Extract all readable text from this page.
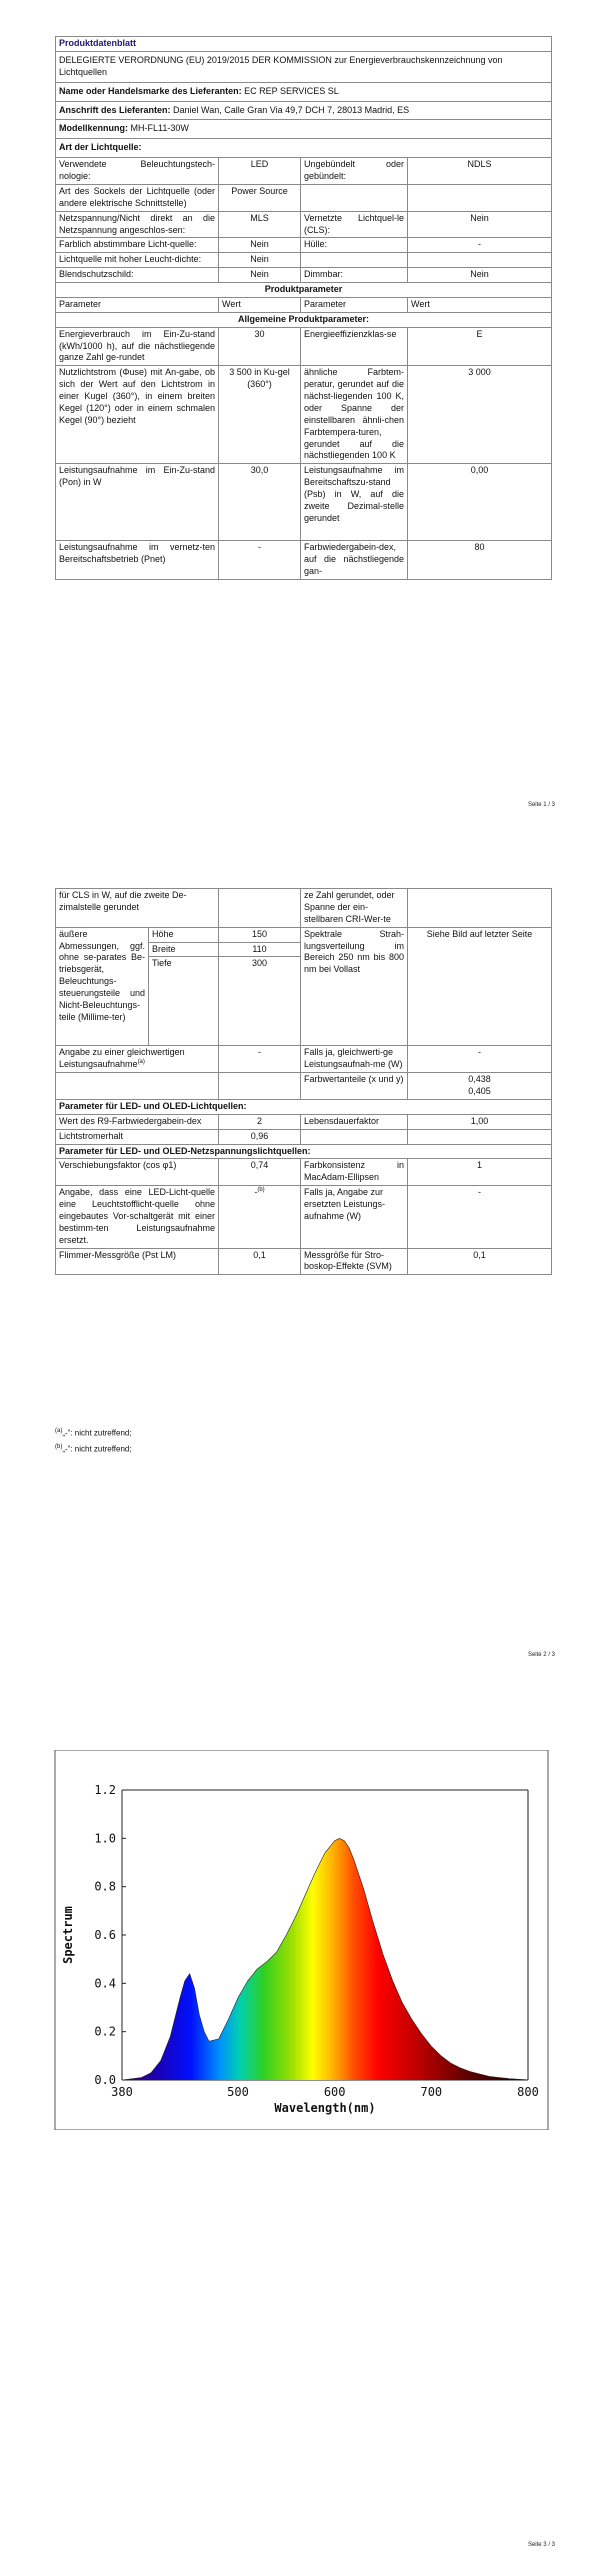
Produktdatenblatt			
DELEGIERTE VERORDNUNG (EU) 2019/2015 DER KOMMISSION zur Energieverbrauchskennzeichnung von Lichtquellen			
Name oder Handelsmarke des Lieferanten: EC REP SERVICES SL			
Anschrift des Lieferanten: Daniel Wan, Calle Gran Via 49,7 DCH 7, 28013 Madrid, ES			
Modellkennung: MH-FL11-30W			
Art der Lichtquelle:			
Verwendete Beleuchtungstech-nologie:	LED	Ungebündelt oder gebündelt:	NDLS
Art des Sockels der Lichtquelle (oder andere elektrische Schnittstelle)	Power Source		
Netzspannung/Nicht direkt an die Netzspannung angeschlos-sen:	MLS	Vernetzte Lichtquel-le (CLS):	Nein
Farblich abstimmbare Licht-quelle:	Nein	Hülle:	-
Lichtquelle mit hoher Leucht-dichte:	Nein		
Blendschutzschild:	Nein	Dimmbar:	Nein
Produktparameter			
Parameter	Wert	Parameter	Wert
Allgemeine Produktparameter:			
Energieverbrauch im Ein-Zu-stand (kWh/1000 h), auf die nächstliegende ganze Zahl ge-rundet	30	Energieeffizienzklas-se	E
Nutzlichtstrom (Φuse) mit An-gabe, ob sich der Wert auf den Lichtstrom in einer Kugel (360°), in einem breiten Kegel (120°) oder in einem schmalen Kegel (90°) bezieht	3 500 in Ku-gel (360°)	ähnliche Farbtem-peratur, gerundet auf die nächst-liegenden 100 K, oder Spanne der einstellbaren ähnli-chen Farbtempera-turen, gerundet auf die nächstliegenden 100 K	3 000
Leistungsaufnahme im Ein-Zu-stand (Pon) in W	30,0	Leistungsaufnahme im Bereitschaftszu-stand (Psb) in W, auf die zweite Dezimal-stelle gerundet	0,00
Leistungsaufnahme im vernetz-ten Bereitschaftsbetrieb (Pnet)	-	Farbwiedergabein-dex, auf die nächstliegende gan-	80
Seite 1 / 3
für CLS in W, auf die zweite De-zimalstelle gerundet			ze Zahl gerundet, oder Spanne der ein-stellbaren CRI-Wer-te	
äußere Abmessungen, ggf. ohne se-parates Be-triebsgerät, Beleuchtungs-steuerungsteile und Nicht-Beleuchtungs-teile (Millime-ter)	Höhe	150	Spektrale Strah-lungsverteilung im Bereich 250 nm bis 800 nm bei Vollast	Siehe Bild auf letzter Seite
	Breite	110		
	Tiefe	300		
Angabe zu einer gleichwertigen Leistungsaufnahme$^{(a)}$		-	Falls ja, gleichwerti-ge Leistungsaufnah-me (W)	-
			Farbwertanteile (x und y)	0,438
0,405

Parameter für LED- und OLED-Lichtquellen:				
Wert des R9-Farbwiedergabein-dex		2	Lebensdauerfaktor	1,00
Lichtstromerhalt		0,96		
Parameter für LED- und OLED-Netzspannungslichtquellen:				
Verschiebungsfaktor (cos φ1)		0,74	Farbkonsistenz in MacAdam-Ellipsen	1
Angabe, dass eine LED-Licht-quelle eine Leuchtstofflicht-quelle ohne eingebautes Vor-schaltgerät mit einer bestimm-ten Leistungsaufnahme ersetzt.		-$^{(b)}$	Falls ja, Angabe zur ersetzten Leistungs-aufnahme (W)	-
Flimmer-Messgröße (Pst LM)		0,1	Messgröße für Stro-boskop-Effekte (SVM)	0,1
$^{(a)}$„-“: nicht zutreffend;
$^{(b)}$„-“: nicht zutreffend;
Seite 2 / 3
380	500	600	700	800
0.0
0.2
0.4
0.6
0.8
1.0
1.2
Wavelength(nm)
Spectrum
Seite 3 / 3
